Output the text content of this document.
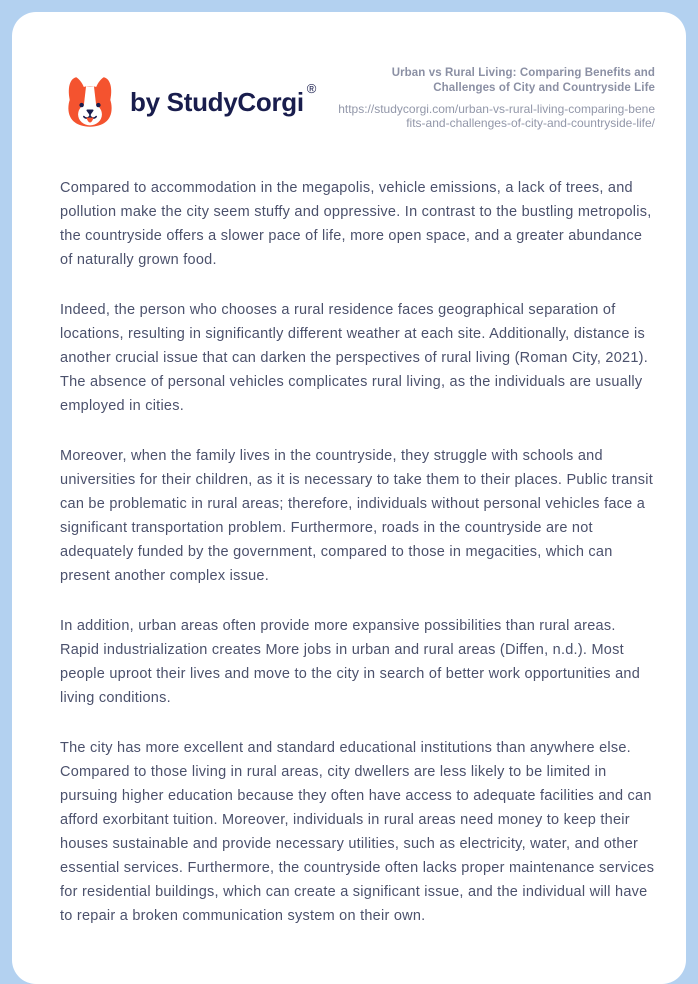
by StudyCorgi ®

Urban vs Rural Living: Comparing Benefits and Challenges of City and Countryside Life

https://studycorgi.com/urban-vs-rural-living-comparing-benefits-and-challenges-of-city-and-countryside-life/

Compared to accommodation in the megapolis, vehicle emissions, a lack of trees, and pollution make the city seem stuffy and oppressive. In contrast to the bustling metropolis, the countryside offers a slower pace of life, more open space, and a greater abundance of naturally grown food.

Indeed, the person who chooses a rural residence faces geographical separation of locations, resulting in significantly different weather at each site. Additionally, distance is another crucial issue that can darken the perspectives of rural living (Roman City, 2021). The absence of personal vehicles complicates rural living, as the individuals are usually employed in cities.

Moreover, when the family lives in the countryside, they struggle with schools and universities for their children, as it is necessary to take them to their places. Public transit can be problematic in rural areas; therefore, individuals without personal vehicles face a significant transportation problem. Furthermore, roads in the countryside are not adequately funded by the government, compared to those in megacities, which can present another complex issue.

In addition, urban areas often provide more expansive possibilities than rural areas. Rapid industrialization creates More jobs in urban and rural areas (Diffen, n.d.). Most people uproot their lives and move to the city in search of better work opportunities and living conditions.

The city has more excellent and standard educational institutions than anywhere else. Compared to those living in rural areas, city dwellers are less likely to be limited in pursuing higher education because they often have access to adequate facilities and can afford exorbitant tuition. Moreover, individuals in rural areas need money to keep their houses sustainable and provide necessary utilities, such as electricity, water, and other essential services. Furthermore, the countryside often lacks proper maintenance services for residential buildings, which can create a significant issue, and the individual will have to repair a broken communication system on their own.
